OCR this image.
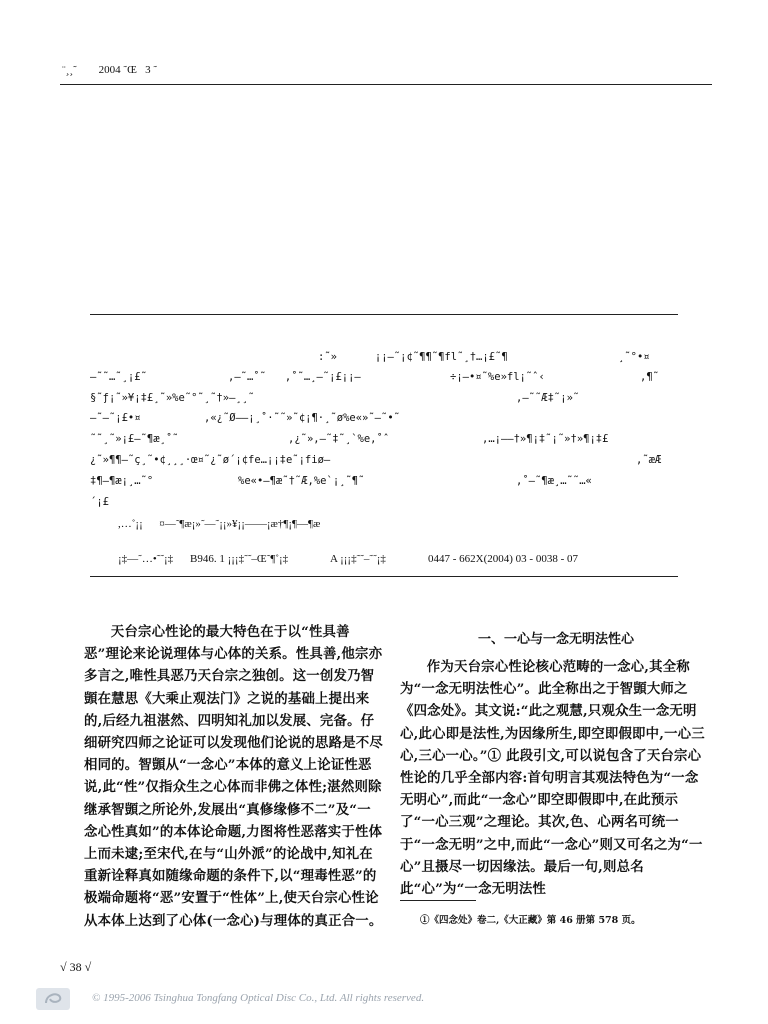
¨¸¸˜        2004 ˜Œ   3 ˜
:˜»      ¡¡—˜¡¢˜¶¶˜¶fl˜¸†…¡£˜¶	¸˜°•¤
—˜˜…˜¸¡£˜	,—˜…˚˜   ,˚˜…¸—˜¡£¡¡—	÷¡—•¤˜%e»fl¡˜ˆ‹	,¶˜
§˜ƒ¡˜»¥¡‡£¸˜»%e˜°˜¸˜†»–¸¸˜	,–˜˜Æ‡˜¡»˜
—˜–˜¡£•¤	,«¿˜Ø——¡¸˚·˜˜»˜¢¡¶·¸˜ø%e«»˜—˜•˜
˜˜¸˜»¡£—˜¶æ¸˚˜	,¿˜»,–˜‡˜¸`%e,˚ˆ	,…¡——†»¶¡‡˜¡˜»†»¶¡‡£
¿˜»¶¶—˜ç¸˜•¢¸¸¸·œ¤˜¿˜ø´¡¢fe…¡¡‡e˜¡fiø—	,˜æÆ
‡¶—¶æ¡¸…˜°	%e«•—¶æ˜†˜Æ,%e`¡¸˜¶˜	,˚—˜¶æ¸…˜˜…«
´¡£
,…˚¡¡      ¤—˜¶æ¡»˜—˜¡¡»¥¡¡——¡æ†¶¡¶—¶æ
¡‡—˜…•˜˜¡‡ B946. 1 ¡¡¡‡˜˜–Œ˜¶˚¡‡	A ¡¡¡‡˜˜–˜˜¡‡	0447 - 662X(2004) 03 - 0038 - 07

天台宗心性论的最大特色在于以“性具善恶”理论来论说理体与心体的关系。性具善,他宗亦多言之,唯性具恶乃天台宗之独创。这一创发乃智顗在慧思《大乘止观法门》之说的基础上提出来的,后经九祖湛然、四明知礼加以发展、完备。仔细研究四师之论证可以发现他们论说的思路是不尽相同的。智顗从“一念心”本体的意义上论证性恶说,此“性”仅指众生之心体而非佛之体性;湛然则除继承智顗之所论外,发展出“真修缘修不二”及“一念心性真如”的本体论命题,力图将性恶落实于性体上而未逮;至宋代,在与“山外派”的论战中,知礼在重新诠释真如随缘命题的条件下,以“理毒性恶”的极端命题将“恶”安置于“性体”上,使天台宗心性论从本体上达到了心体(一念心)与理体的真正合一。

一、一心与一念无明法性心

作为天台宗心性论核心范畴的一念心,其全称为“一念无明法性心”。此全称出之于智顗大师之《四念处》。其文说:“此之观慧,只观众生一念无明心,此心即是法性,为因缘所生,即空即假即中,一心三心,三心一心。”① 此段引文,可以说包含了天台宗心性论的几乎全部内容:首句明言其观法特色为“一念无明心”,而此“一念心”即空即假即中,在此预示了“一心三观”之理论。其次,色、心两名可统一于“一念无明”之中,而此“一念心”则又可名之为“一心”且摄尽一切因缘法。最后一句,则总名此“心”为“一念无明法性

①《四念处》卷二,《大正藏》第 46 册第 578 页。
√ 38 √
© 1995-2006 Tsinghua Tongfang Optical Disc Co., Ltd. All rights reserved.
